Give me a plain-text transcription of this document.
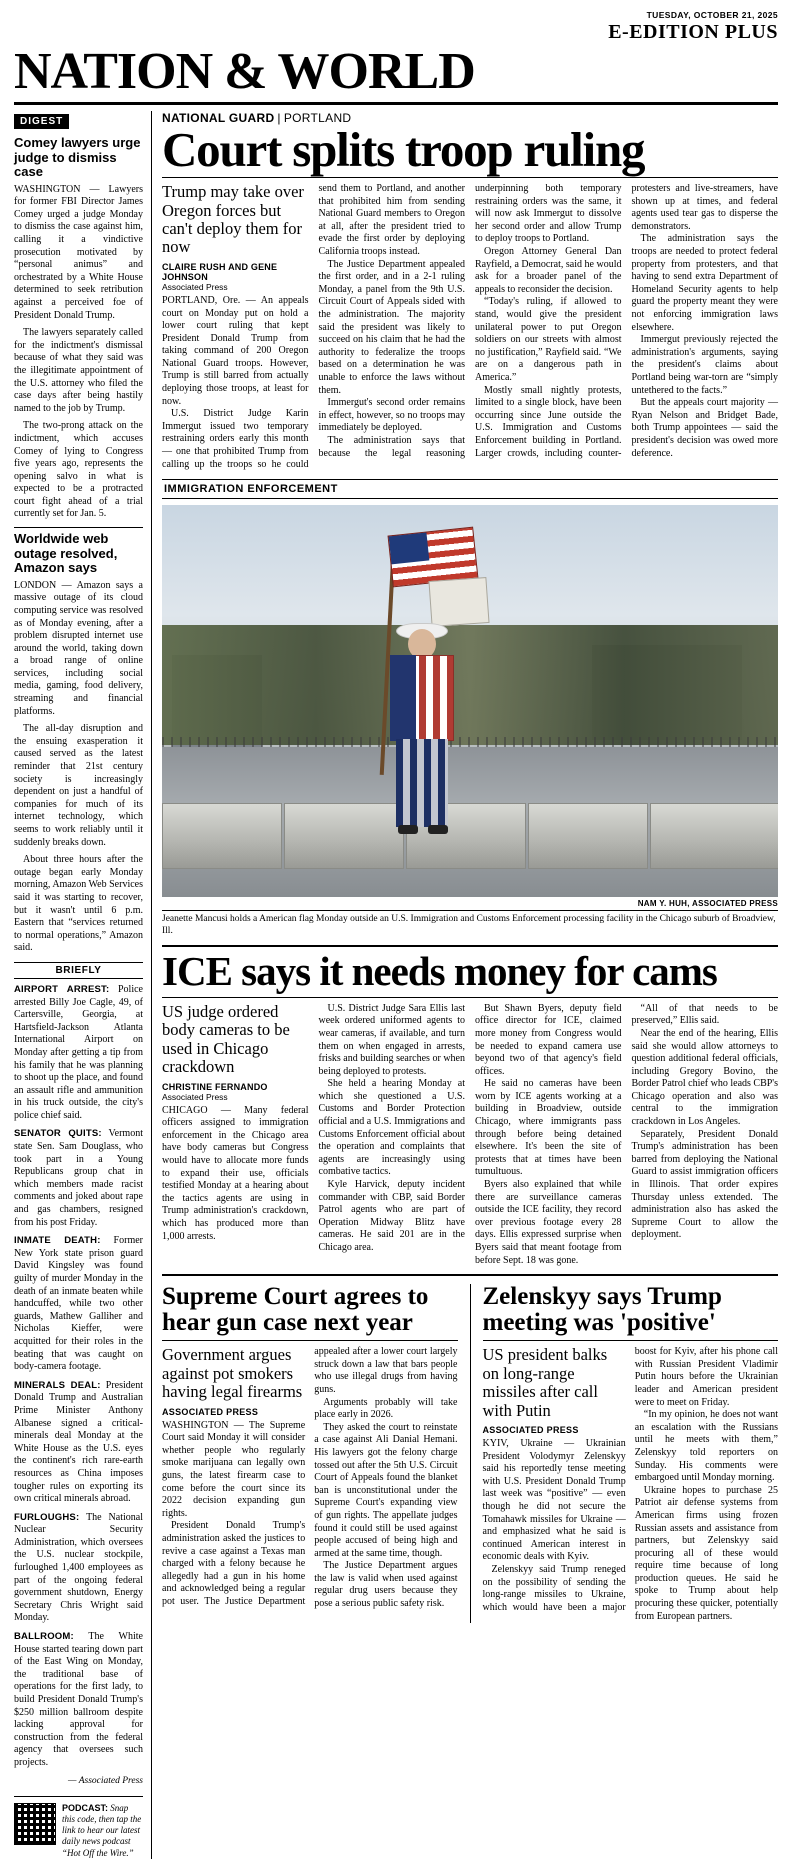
TUESDAY, OCTOBER 21, 2025
E-EDITION PLUS
NATION & WORLD
DIGEST
Comey lawyers urge judge to dismiss case

WASHINGTON — Lawyers for former FBI Director James Comey urged a judge Monday to dismiss the case against him, calling it a vindictive prosecution motivated by “personal animus” and orchestrated by a White House determined to seek retribution against a perceived foe of President Donald Trump.

The lawyers separately called for the indictment's dismissal because of what they said was the illegitimate appointment of the U.S. attorney who filed the case days after being hastily named to the job by Trump.

The two-prong attack on the indictment, which accuses Comey of lying to Congress five years ago, represents the opening salvo in what is expected to be a protracted court fight ahead of a trial currently set for Jan. 5.

Worldwide web outage resolved, Amazon says

LONDON — Amazon says a massive outage of its cloud computing service was resolved as of Monday evening, after a problem disrupted internet use around the world, taking down a broad range of online services, including social media, gaming, food delivery, streaming and financial platforms.

The all-day disruption and the ensuing exasperation it caused served as the latest reminder that 21st century society is increasingly dependent on just a handful of companies for much of its internet technology, which seems to work reliably until it suddenly breaks down.

About three hours after the outage began early Monday morning, Amazon Web Services said it was starting to recover, but it wasn't until 6 p.m. Eastern that “services returned to normal operations,” Amazon said.

BRIEFLY

AIRPORT ARREST: Police arrested Billy Joe Cagle, 49, of Cartersville, Georgia, at Hartsfield-Jackson Atlanta International Airport on Monday after getting a tip from his family that he was planning to shoot up the place, and found an assault rifle and ammunition in his truck outside, the city's police chief said.

SENATOR QUITS: Vermont state Sen. Sam Douglass, who took part in a Young Republicans group chat in which members made racist comments and joked about rape and gas chambers, resigned from his post Friday.

INMATE DEATH: Former New York state prison guard David Kingsley was found guilty of murder Monday in the death of an inmate beaten while handcuffed, while two other guards, Mathew Galliher and Nicholas Kieffer, were acquitted for their roles in the beating that was caught on body-camera footage.

MINERALS DEAL: President Donald Trump and Australian Prime Minister Anthony Albanese signed a critical-minerals deal Monday at the White House as the U.S. eyes the continent's rich rare-earth resources as China imposes tougher rules on exporting its own critical minerals abroad.

FURLOUGHS: The National Nuclear Security Administration, which oversees the U.S. nuclear stockpile, furloughed 1,400 employees as part of the ongoing federal government shutdown, Energy Secretary Chris Wright said Monday.

BALLROOM: The White House started tearing down part of the East Wing on Monday, the traditional base of operations for the first lady, to build President Donald Trump's $250 million ballroom despite lacking approval for construction from the federal agency that oversees such projects.

— Associated Press
PODCAST: Snap this code, then tap the link to hear our latest daily news podcast “Hot Off the Wire.”
NATIONAL GUARD | PORTLAND
Court splits troop ruling
Trump may take over Oregon forces but can't deploy them for now
CLAIRE RUSH AND GENE JOHNSON
Associated Press

PORTLAND, Ore. — An appeals court on Monday put on hold a lower court ruling that kept President Donald Trump from taking command of 200 Oregon National Guard troops. However, Trump is still barred from actually deploying those troops, at least for now.

U.S. District Judge Karin Immergut issued two temporary restraining orders early this month — one that prohibited Trump from calling up the troops so he could send them to Portland, and another that prohibited him from sending National Guard members to Oregon at all, after the president tried to evade the first order by deploying California troops instead.

The Justice Department appealed the first order, and in a 2-1 ruling Monday, a panel from the 9th U.S. Circuit Court of Appeals sided with the administration. The majority said the president was likely to succeed on his claim that he had the authority to federalize the troops based on a determination he was unable to enforce the laws without them.

Immergut's second order remains in effect, however, so no troops may immediately be deployed.

The administration says that because the legal reasoning underpinning both temporary restraining orders was the same, it will now ask Immergut to dissolve her second order and allow Trump to deploy troops to Portland.

Oregon Attorney General Dan Rayfield, a Democrat, said he would ask for a broader panel of the appeals to reconsider the decision.

“Today's ruling, if allowed to stand, would give the president unilateral power to put Oregon soldiers on our streets with almost no justification,” Rayfield said. “We are on a dangerous path in America.”

Mostly small nightly protests, limited to a single block, have been occurring since June outside the U.S. Immigration and Customs Enforcement building in Portland. Larger crowds, including counter-protesters and live-streamers, have shown up at times, and federal agents used tear gas to disperse the demonstrators.

The administration says the troops are needed to protect federal property from protesters, and that having to send extra Department of Homeland Security agents to help guard the property meant they were not enforcing immigration laws elsewhere.

Immergut previously rejected the administration's arguments, saying the president's claims about Portland being war-torn are “simply untethered to the facts.”

But the appeals court majority — Ryan Nelson and Bridget Bade, both Trump appointees — said the president's decision was owed more deference.

IMMIGRATION ENFORCEMENT
NAM Y. HUH, ASSOCIATED PRESS
Jeanette Mancusi holds a American flag Monday outside an U.S. Immigration and Customs Enforcement processing facility in the Chicago suburb of Broadview, Ill.
ICE says it needs money for cams
US judge ordered body cameras to be used in Chicago crackdown
CHRISTINE FERNANDO
Associated Press

CHICAGO — Many federal officers assigned to immigration enforcement in the Chicago area have body cameras but Congress would have to allocate more funds to expand their use, officials testified Monday at a hearing about the tactics agents are using in Trump administration's crackdown, which has produced more than 1,000 arrests.

U.S. District Judge Sara Ellis last week ordered uniformed agents to wear cameras, if available, and turn them on when engaged in arrests, frisks and building searches or when being deployed to protests.

She held a hearing Monday at which she questioned a U.S. Customs and Border Protection official and a U.S. Immigrations and Customs Enforcement official about the operation and complaints that agents are increasingly using combative tactics.

Kyle Harvick, deputy incident commander with CBP, said Border Patrol agents who are part of Operation Midway Blitz have cameras. He said 201 are in the Chicago area.

But Shawn Byers, deputy field office director for ICE, claimed more money from Congress would be needed to expand camera use beyond two of that agency's field offices.

He said no cameras have been worn by ICE agents working at a building in Broadview, outside Chicago, where immigrants pass through before being detained elsewhere. It's been the site of protests that at times have been tumultuous.

Byers also explained that while there are surveillance cameras outside the ICE facility, they record over previous footage every 28 days. Ellis expressed surprise when Byers said that meant footage from before Sept. 18 was gone.

“All of that needs to be preserved,” Ellis said.

Near the end of the hearing, Ellis said she would allow attorneys to question additional federal officials, including Gregory Bovino, the Border Patrol chief who leads CBP's Chicago operation and also was central to the immigration crackdown in Los Angeles.

Separately, President Donald Trump's administration has been barred from deploying the National Guard to assist immigration officers in Illinois. That order expires Thursday unless extended. The administration also has asked the Supreme Court to allow the deployment.

Supreme Court agrees to hear gun case next year
Government argues against pot smokers having legal firearms
ASSOCIATED PRESS

WASHINGTON — The Supreme Court said Monday it will consider whether people who regularly smoke marijuana can legally own guns, the latest firearm case to come before the court since its 2022 decision expanding gun rights.

President Donald Trump's administration asked the justices to revive a case against a Texas man charged with a felony because he allegedly had a gun in his home and acknowledged being a regular pot user. The Justice Department appealed after a lower court largely struck down a law that bars people who use illegal drugs from having guns.

Arguments probably will take place early in 2026.

They asked the court to reinstate a case against Ali Danial Hemani. His lawyers got the felony charge tossed out after the 5th U.S. Circuit Court of Appeals found the blanket ban is unconstitutional under the Supreme Court's expanding view of gun rights. The appellate judges found it could still be used against people accused of being high and armed at the same time, though.

The Justice Department argues the law is valid when used against regular drug users because they pose a serious public safety risk.

Zelenskyy says Trump meeting was 'positive'
US president balks on long-range missiles after call with Putin
ASSOCIATED PRESS

KYIV, Ukraine — Ukrainian President Volodymyr Zelenskyy said his reportedly tense meeting with U.S. President Donald Trump last week was “positive” — even though he did not secure the Tomahawk missiles for Ukraine — and emphasized what he said is continued American interest in economic deals with Kyiv.

Zelenskyy said Trump reneged on the possibility of sending the long-range missiles to Ukraine, which would have been a major boost for Kyiv, after his phone call with Russian President Vladimir Putin hours before the Ukrainian leader and American president were to meet on Friday.

“In my opinion, he does not want an escalation with the Russians until he meets with them,” Zelenskyy told reporters on Sunday. His comments were embargoed until Monday morning.

Ukraine hopes to purchase 25 Patriot air defense systems from American firms using frozen Russian assets and assistance from partners, but Zelenskyy said procuring all of these would require time because of long production queues. He said he spoke to Trump about help procuring these quicker, potentially from European partners.
